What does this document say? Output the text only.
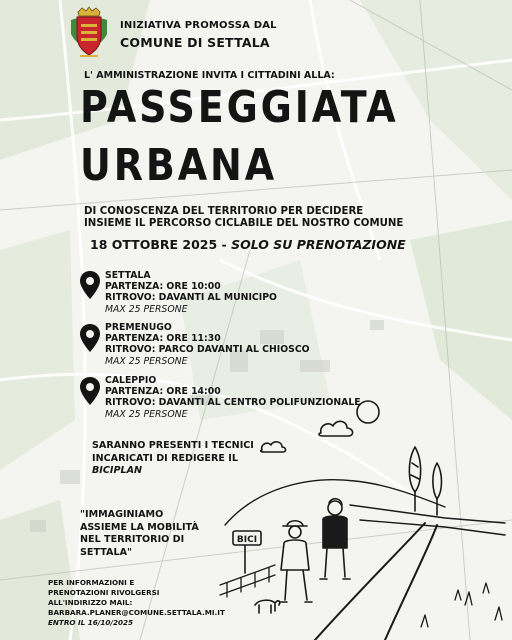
INIZIATIVA PROMOSSA DAL
COMUNE DI SETTALA
L' AMMINISTRAZIONE INVITA I CITTADINI ALLA:
PASSEGGIATA
URBANA
DI CONOSCENZA DEL TERRITORIO PER DECIDERE
INSIEME IL PERCORSO CICLABILE DEL NOSTRO COMUNE
18 OTTOBRE 2025 - SOLO SU PRENOTAZIONE
SETTALA
PARTENZA: ORE 10:00
RITROVO: DAVANTI AL MUNICIPO
MAX 25 PERSONE
PREMENUGO
PARTENZA: ORE 11:30
RITROVO: PARCO DAVANTI AL CHIOSCO
MAX 25 PERSONE
CALEPPIO
PARTENZA: ORE 14:00
RITROVO: DAVANTI AL CENTRO POLIFUNZIONALE
MAX 25 PERSONE
SARANNO PRESENTI I TECNICI
INCARICATI DI REDIGERE IL
BICIPLAN
"IMMAGINIAMO
ASSIEME LA MOBILITÀ
NEL TERRITORIO DI
SETTALA"
PER INFORMAZIONI E
PRENOTAZIONI RIVOLGERSI
ALL'INDIRIZZO MAIL:
BARBARA.PLANER@COMUNE.SETTALA.MI.IT
ENTRO IL 16/10/2025
BICI
